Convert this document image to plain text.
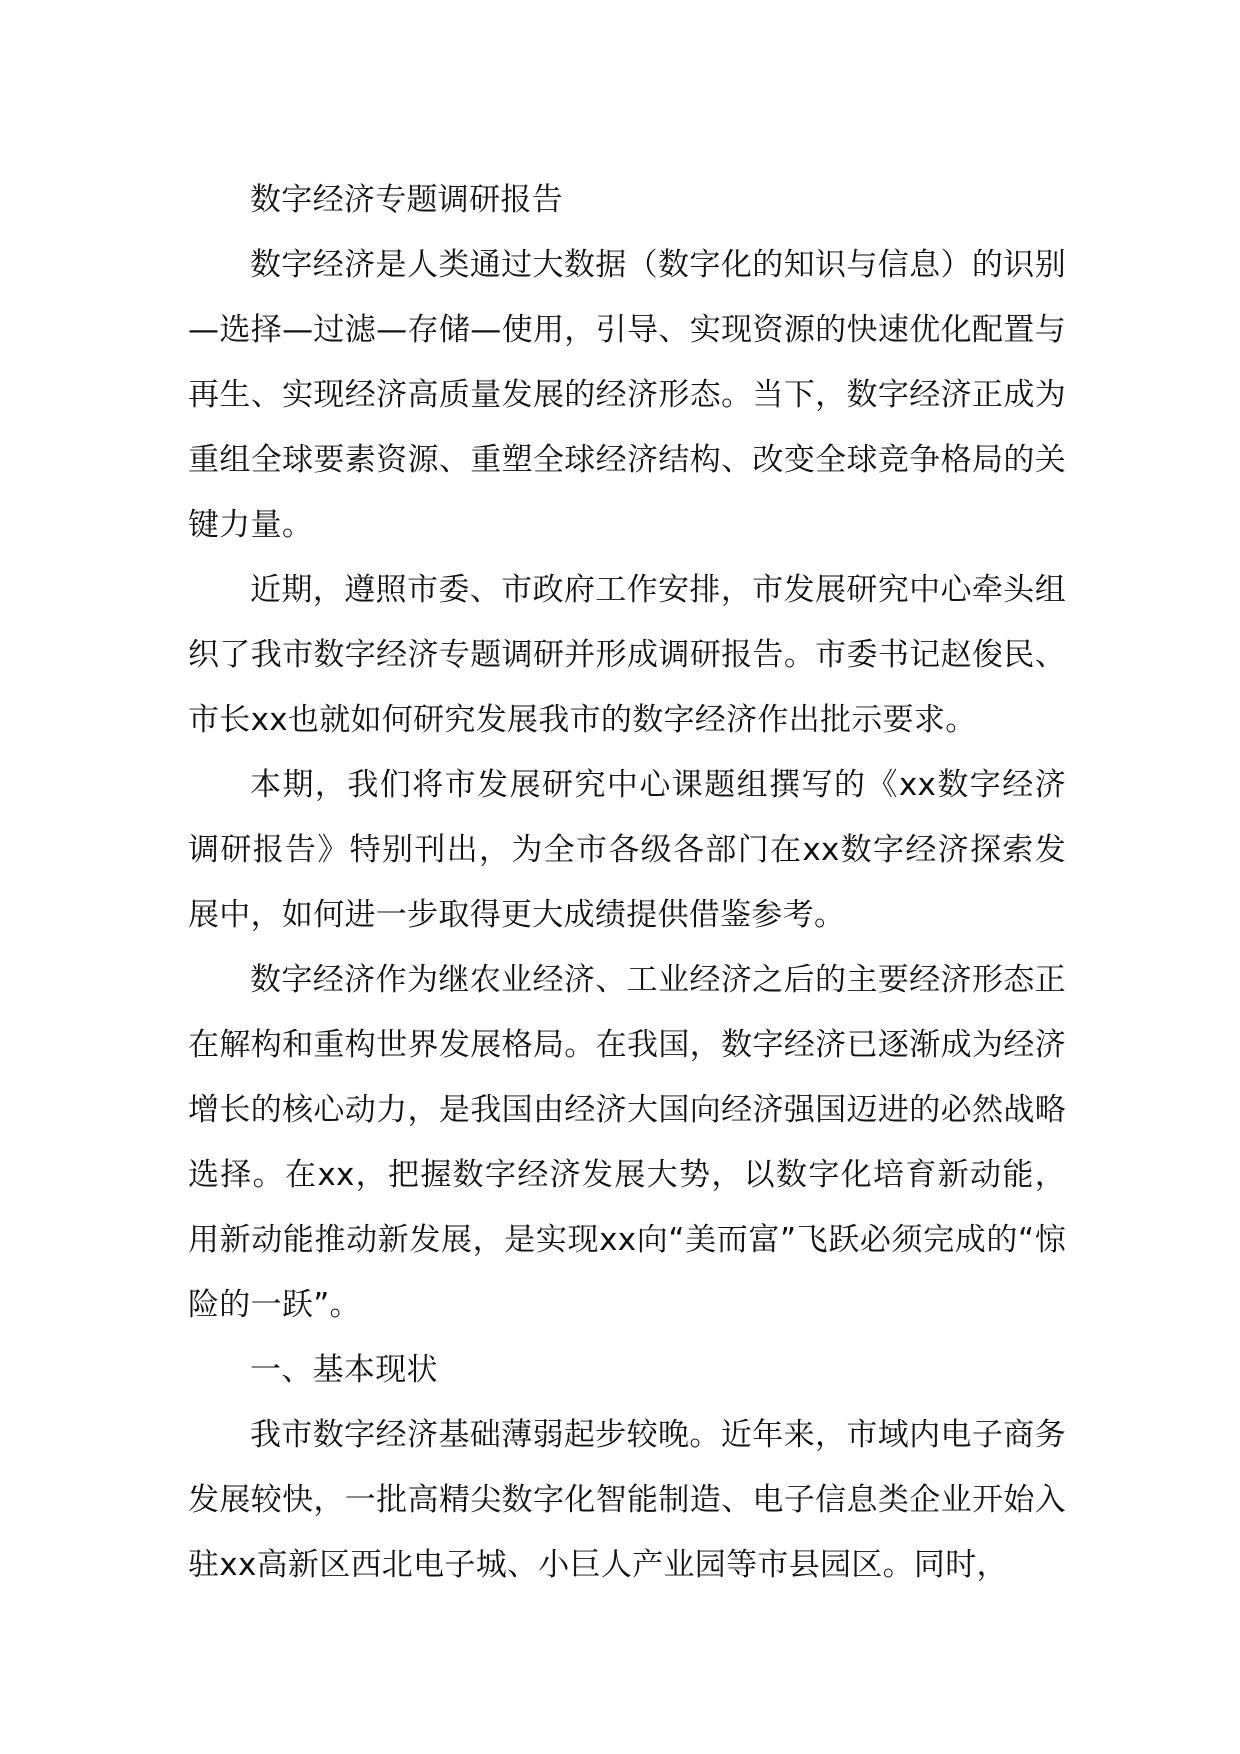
数字经济专题调研报告

数字经济是人类通过大数据（数字化的知识与信息）的识别—选择—过滤—存储—使用，引导、实现资源的快速优化配置与再生、实现经济高质量发展的经济形态。当下，数字经济正成为重组全球要素资源、重塑全球经济结构、改变全球竞争格局的关键力量。

近期，遵照市委、市政府工作安排，市发展研究中心牵头组织了我市数字经济专题调研并形成调研报告。市委书记赵俊民、市长xx也就如何研究发展我市的数字经济作出批示要求。

本期，我们将市发展研究中心课题组撰写的《xx数字经济调研报告》特别刊出，为全市各级各部门在xx数字经济探索发展中，如何进一步取得更大成绩提供借鉴参考。

数字经济作为继农业经济、工业经济之后的主要经济形态正在解构和重构世界发展格局。在我国，数字经济已逐渐成为经济增长的核心动力，是我国由经济大国向经济强国迈进的必然战略选择。在xx，把握数字经济发展大势，以数字化培育新动能，用新动能推动新发展，是实现xx向“美而富”飞跃必须完成的“惊险的一跃”。

一、基本现状

我市数字经济基础薄弱起步较晚。近年来，市域内电子商务发展较快，一批高精尖数字化智能制造、电子信息类企业开始入驻xx高新区西北电子城、小巨人产业园等市县园区。同时，
